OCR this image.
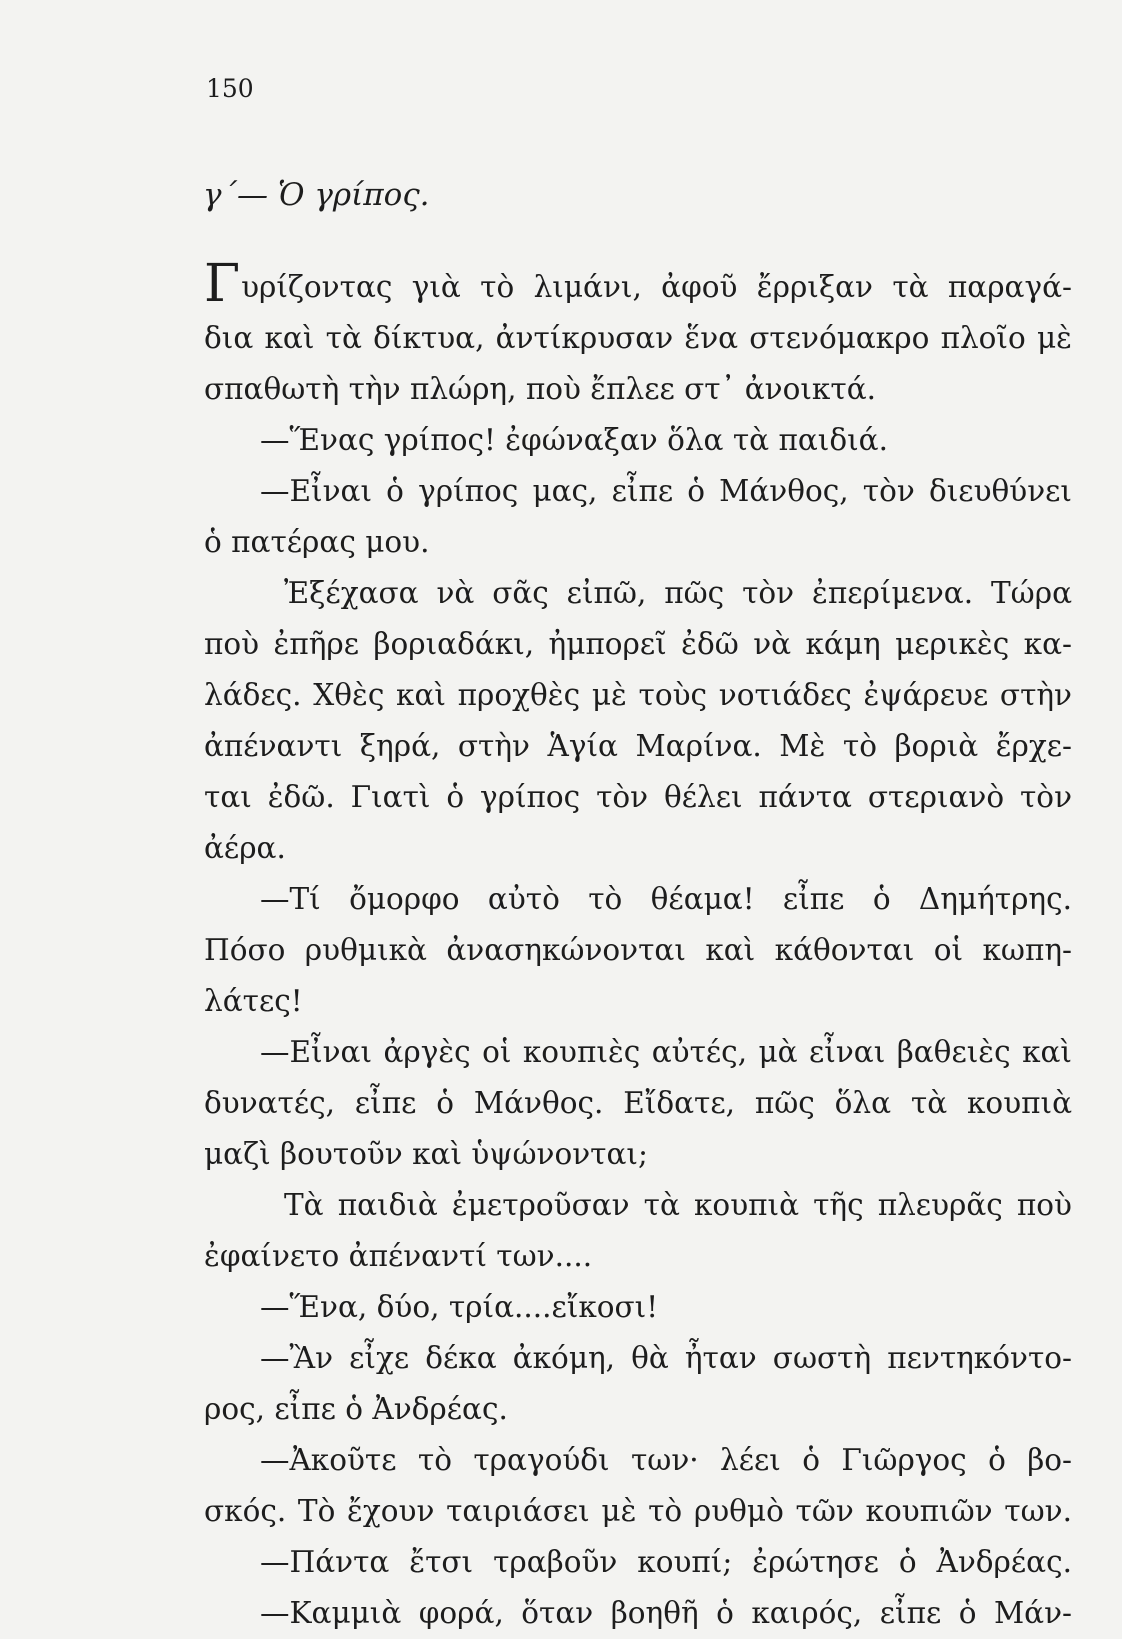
150
γ΄— Ὁ γρίπος.
Γυρίζοντας γιὰ τὸ λιμάνι, ἀφοῦ ἔρριξαν τὰ παραγά-
δια καὶ τὰ δίκτυα, ἀντίκρυσαν ἕνα στενόμακρο πλοῖο μὲ
σπαθωτὴ τὴν πλώρη, ποὺ ἔπλεε στ᾽ ἀνοικτά.
—Ἕνας γρίπος! ἐφώναξαν ὅλα τὰ παιδιά.
—Εἶναι ὁ γρίπος μας, εἶπε ὁ Μάνθος, τὸν διευθύνει
ὁ πατέρας μου.
Ἐξέχασα νὰ σᾶς εἰπῶ, πῶς τὸν ἐπερίμενα. Τώρα
ποὺ ἐπῆρε βοριαδάκι, ἠμπορεῖ ἐδῶ νὰ κάμη μερικὲς κα-
λάδες. Χθὲς καὶ προχθὲς μὲ τοὺς νοτιάδες ἐψάρευε στὴν
ἀπέναντι ξηρά, στὴν Ἁγία Μαρίνα. Μὲ τὸ βοριὰ ἔρχε-
ται ἐδῶ. Γιατὶ ὁ γρίπος τὸν θέλει πάντα στεριανὸ τὸν
ἀέρα.
—Τί ὄμορφο αὐτὸ τὸ θέαμα! εἶπε ὁ Δημήτρης.
Πόσο ρυθμικὰ ἀνασηκώνονται καὶ κάθονται οἱ κωπη-
λάτες!
—Εἶναι ἀργὲς οἱ κουπιὲς αὐτές, μὰ εἶναι βαθειὲς καὶ
δυνατές, εἶπε ὁ Μάνθος. Εἴδατε, πῶς ὅλα τὰ κουπιὰ
μαζὶ βουτοῦν καὶ ὑψώνονται;
Τὰ παιδιὰ ἐμετροῦσαν τὰ κουπιὰ τῆς πλευρᾶς ποὺ
ἐφαίνετο ἀπέναντί των....
—Ἕνα, δύο, τρία....εἴκοσι!
—Ἂν εἶχε δέκα ἀκόμη, θὰ ἦταν σωστὴ πεντηκόντο-
ρος, εἶπε ὁ Ἀνδρέας.
—Ἀκοῦτε τὸ τραγούδι των· λέει ὁ Γιῶργος ὁ βο-
σκός. Τὸ ἔχουν ταιριάσει μὲ τὸ ρυθμὸ τῶν κουπιῶν των.
—Πάντα ἔτσι τραβοῦν κουπί; ἐρώτησε ὁ Ἀνδρέας.
—Καμμιὰ φορά, ὅταν βοηθῆ ὁ καιρός, εἶπε ὁ Μάν-
